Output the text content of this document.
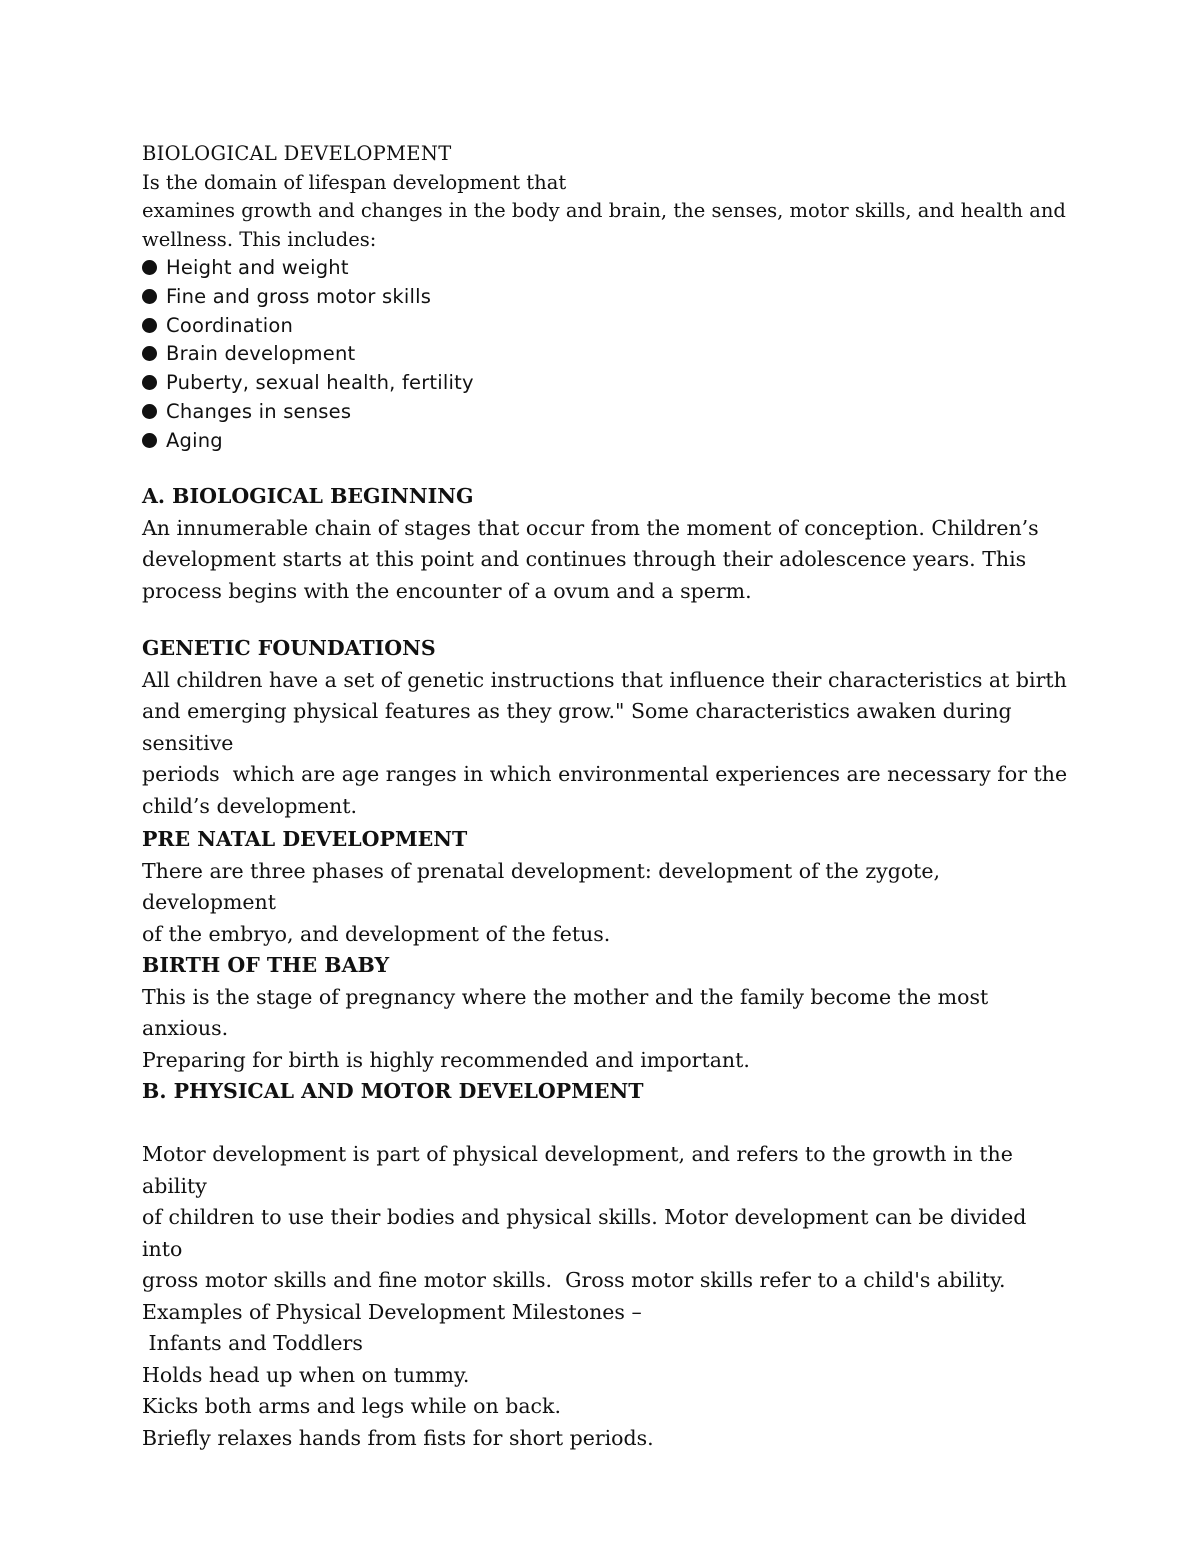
BIOLOGICAL DEVELOPMENT

Is the domain of lifespan development that

examines growth and changes in the body and brain, the senses, motor skills, and health and

wellness. This includes:

Height and weight
Fine and gross motor skills
Coordination
Brain development
Puberty, sexual health, fertility
Changes in senses
Aging
A. BIOLOGICAL BEGINNING

An innumerable chain of stages that occur from the moment of conception. Children’s

development starts at this point and continues through their adolescence years. This

process begins with the encounter of a ovum and a sperm.

GENETIC FOUNDATIONS

All children have a set of genetic instructions that influence their characteristics at birth

and emerging physical features as they grow." Some characteristics awaken during sensitive

periods  which are age ranges in which environmental experiences are necessary for the

child’s development.

PRE NATAL DEVELOPMENT

There are three phases of prenatal development: development of the zygote, development

of the embryo, and development of the fetus.

BIRTH OF THE BABY

This is the stage of pregnancy where the mother and the family become the most anxious.

Preparing for birth is highly recommended and important.

B. PHYSICAL AND MOTOR DEVELOPMENT

Motor development is part of physical development, and refers to the growth in the ability

of children to use their bodies and physical skills. Motor development can be divided into

gross motor skills and fine motor skills.  Gross motor skills refer to a child's ability.

Examples of Physical Development Milestones –

Infants and Toddlers

Holds head up when on tummy.

Kicks both arms and legs while on back.

Briefly relaxes hands from fists for short periods.
